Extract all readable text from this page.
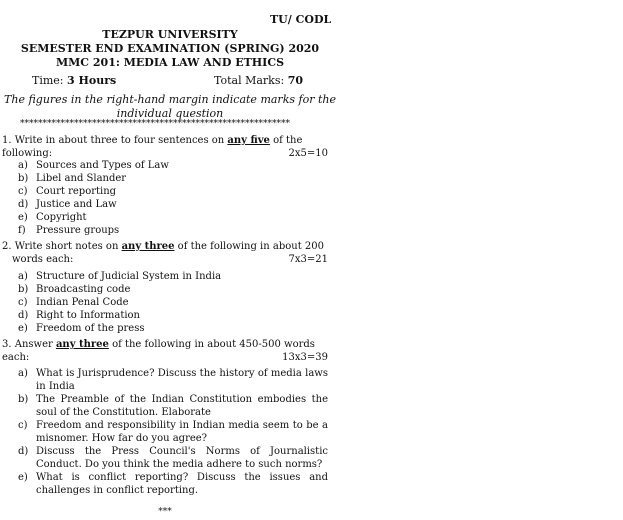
TU/ CODL
TEZPUR UNIVERSITY
SEMESTER END EXAMINATION (SPRING) 2020
MMC 201: MEDIA LAW AND ETHICS
Time: 3 Hours	Total Marks: 70
The figures in the right-hand margin indicate marks for the individual question
************************************************************
1. Write in about three to four sentences on any five of the following:	2x5=10
a) Sources and Types of Law
b) Libel and Slander
c) Court reporting
d) Justice and Law
e) Copyright
f)	Pressure groups
2. Write short notes on any three of the following in about 200
words each:	7x3=21
a) Structure of Judicial System in India
b) Broadcasting code
c) Indian Penal Code
d) Right to Information
e) Freedom of the press
3. Answer any three of the following in about 450-500 words each:	13x3=39
a) What is Jurisprudence? Discuss the history of media laws in India
b) The Preamble of the Indian Constitution embodies the soul of the Constitution. Elaborate
c) Freedom and responsibility in Indian media seem to be a misnomer. How far do you agree?
d) Discuss the Press Council's Norms of Journalistic Conduct. Do you think the media adhere to such norms?
e) What is conflict reporting? Discuss the issues and challenges in conflict reporting.
***
